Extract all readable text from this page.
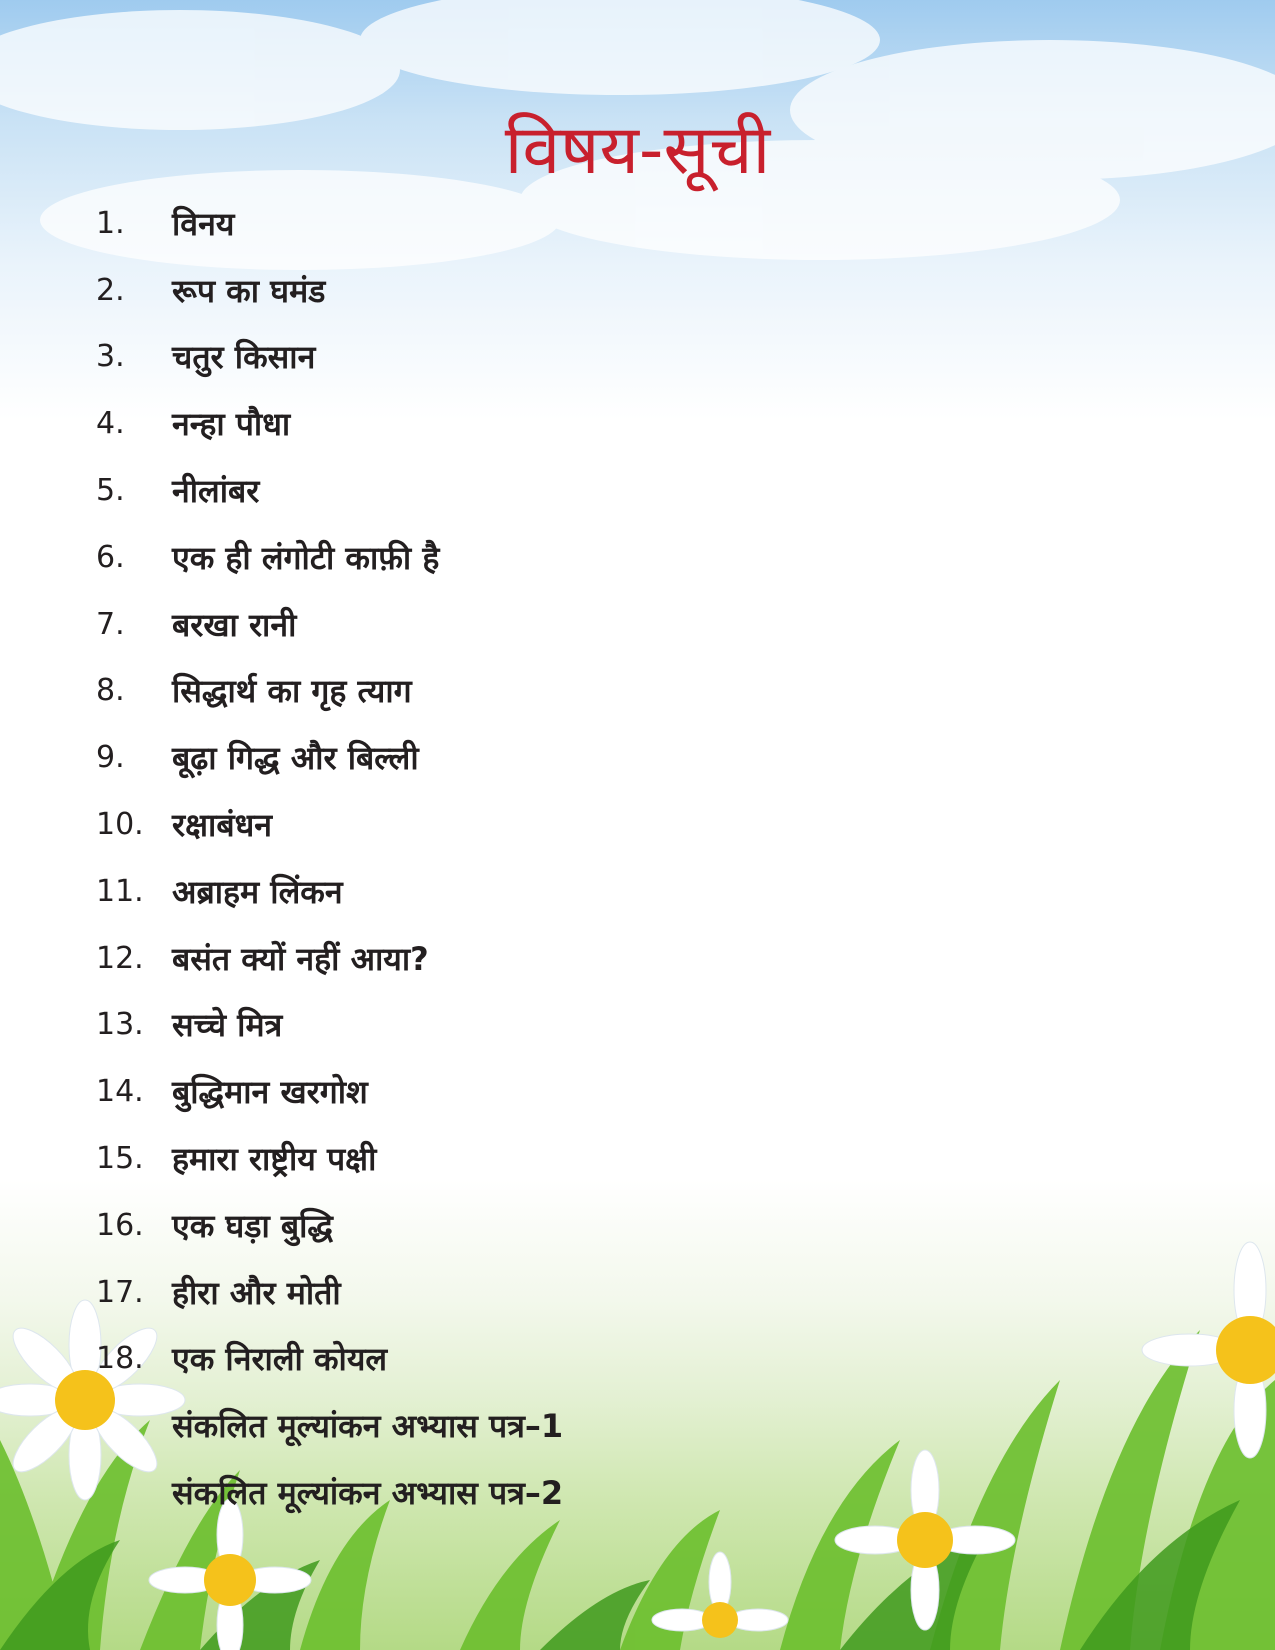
विषय-सूची
1.	विनय
2.	रूप का घमंड
3.	चतुर किसान
4.	नन्हा पौधा
5.	नीलांबर
6.	एक ही लंगोटी काफ़ी है
7.	बरखा रानी
8.	सिद्धार्थ का गृह त्याग
9.	बूढ़ा गिद्ध और बिल्ली
10. रक्षाबंधन
11. अब्राहम लिंकन
12. बसंत क्यों नहीं आया?
13. सच्चे मित्र
14. बुद्धिमान खरगोश
15. हमारा राष्ट्रीय पक्षी
16. एक घड़ा बुद्धि
17. हीरा और मोती
18. एक निराली कोयल
संकलित मूल्यांकन अभ्यास पत्र–1
संकलित मूल्यांकन अभ्यास पत्र–2
